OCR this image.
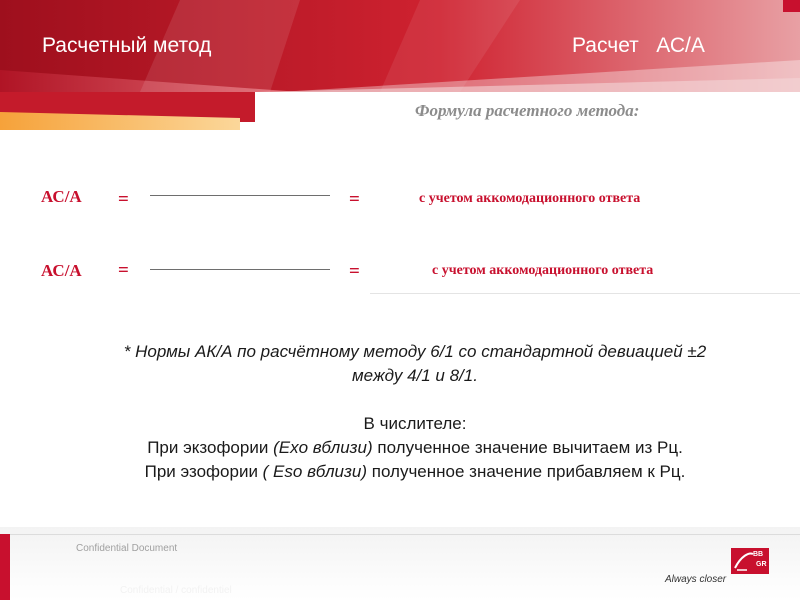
Расчетный метод	Расчет   АС/А
Формула расчетного метода:
АС/А =	=	с учетом аккомодационного ответа
АС/А =	=	с учетом аккомодационного ответа

* Нормы АК/А по расчётному методу 6/1 со стандартной девиацией ±2

между 4/1 и 8/1.

В числителе:

При экзофории (Exo вблизи) полученное значение вычитаем из Рц.

При эзофории ( Eso вблизи) полученное значение прибавляем к Рц.

Confidential Document
Confidential / confidentiel
Always closer
BB
GR
